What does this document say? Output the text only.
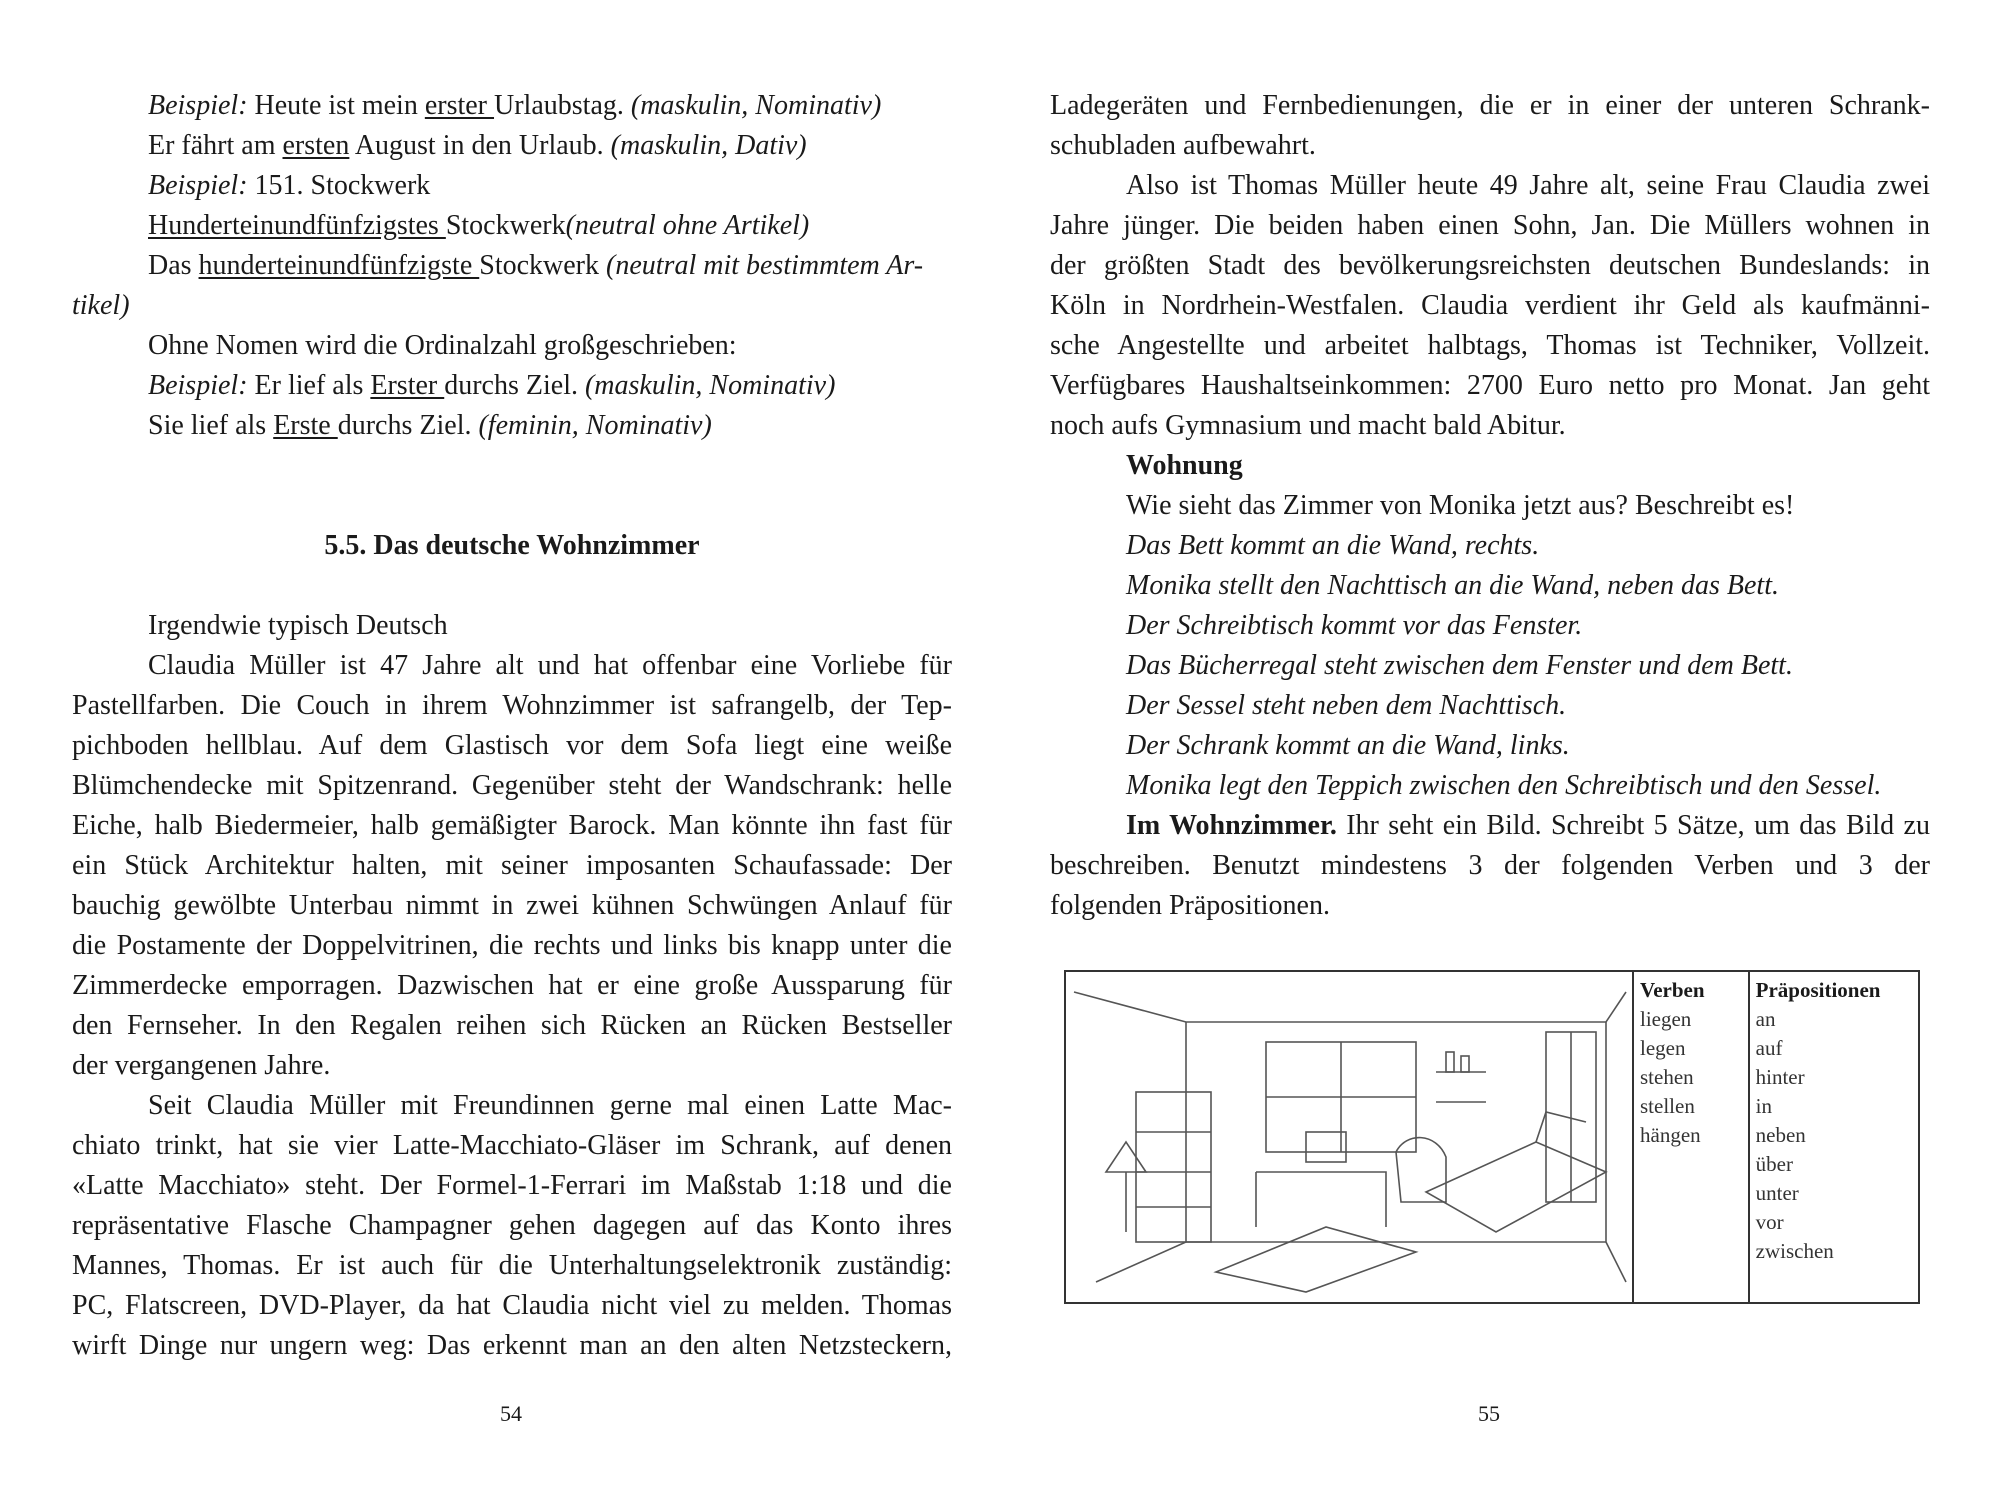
Beispiel: Heute ist mein erster Urlaubstag. (maskulin, Nominativ)

Er fährt am ersten August in den Urlaub. (maskulin, Dativ)

Beispiel: 151. Stockwerk

Hunderteinundfünfzigstes Stockwerk(neutral ohne Artikel)

Das hunderteinundfünfzigste Stockwerk (neutral mit bestimmtem Ar-

tikel)

Ohne Nomen wird die Ordinalzahl großgeschrieben:

Beispiel: Er lief als Erster durchs Ziel. (maskulin, Nominativ)

Sie lief als Erste durchs Ziel. (feminin, Nominativ)

5.5. Das deutsche Wohnzimmer

Irgendwie typisch Deutsch

Claudia Müller ist 47 Jahre alt und hat offenbar eine Vorliebe für

Pastellfarben. Die Couch in ihrem Wohnzimmer ist safrangelb, der Tep-

pichboden hellblau. Auf dem Glastisch vor dem Sofa liegt eine weiße

Blümchendecke mit Spitzenrand. Gegenüber steht der Wandschrank: helle

Eiche, halb Biedermeier, halb gemäßigter Barock. Man könnte ihn fast für

ein Stück Architektur halten, mit seiner imposanten Schaufassade: Der

bauchig gewölbte Unterbau nimmt in zwei kühnen Schwüngen Anlauf für

die Postamente der Doppelvitrinen, die rechts und links bis knapp unter die

Zimmerdecke emporragen. Dazwischen hat er eine große Aussparung für

den Fernseher. In den Regalen reihen sich Rücken an Rücken Bestseller

der vergangenen Jahre.

Seit Claudia Müller mit Freundinnen gerne mal einen Latte Mac-

chiato trinkt, hat sie vier Latte-Macchiato-Gläser im Schrank, auf denen

«Latte Macchiato» steht. Der Formel-1-Ferrari im Maßstab 1:18 und die

repräsentative Flasche Champagner gehen dagegen auf das Konto ihres

Mannes, Thomas. Er ist auch für die Unterhaltungselektronik zuständig:

PC, Flatscreen, DVD-Player, da hat Claudia nicht viel zu melden. Thomas

wirft Dinge nur ungern weg: Das erkennt man an den alten Netzsteckern,

54

Ladegeräten und Fernbedienungen, die er in einer der unteren Schrank-

schubladen aufbewahrt.

Also ist Thomas Müller heute 49 Jahre alt, seine Frau Claudia zwei

Jahre jünger. Die beiden haben einen Sohn, Jan. Die Müllers wohnen in

der größten Stadt des bevölkerungsreichsten deutschen Bundeslands: in

Köln in Nordrhein-Westfalen. Claudia verdient ihr Geld als kaufmänni-

sche Angestellte und arbeitet halbtags, Thomas ist Techniker, Vollzeit.

Verfügbares Haushaltseinkommen: 2700 Euro netto pro Monat. Jan geht

noch aufs Gymnasium und macht bald Abitur.

Wohnung

Wie sieht das Zimmer von Monika jetzt aus? Beschreibt es!

Das Bett kommt an die Wand, rechts.

Monika stellt den Nachttisch an die Wand, neben das Bett.

Der Schreibtisch kommt vor das Fenster.

Das Bücherregal steht zwischen dem Fenster und dem Bett.

Der Sessel steht neben dem Nachttisch.

Der Schrank kommt an die Wand, links.

Monika legt den Teppich zwischen den Schreibtisch und den Sessel.

Im Wohnzimmer. Ihr seht ein Bild. Schreibt 5 Sätze, um das Bild zu

beschreiben. Benutzt mindestens 3 der folgenden Verben und 3 der

folgenden Präpositionen.

Verben
liegen
legen
stehen
stellen
hängen
Präpositionen
an
auf
hinter
in
neben
über
unter
vor
zwischen
55
